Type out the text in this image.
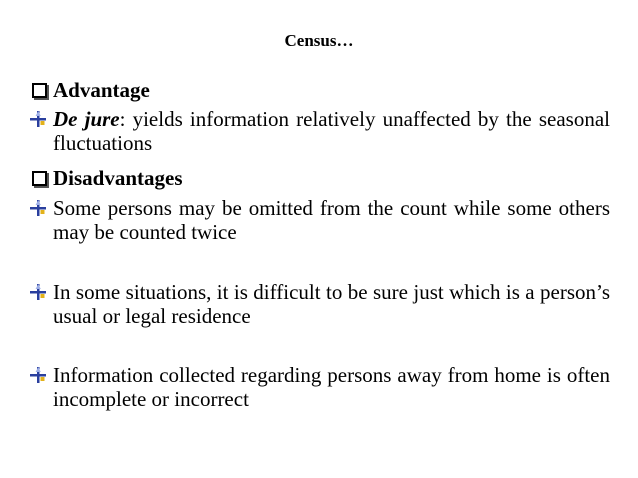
Census…
Advantage
De jure: yields information relatively unaffected by the seasonal fluctuations
Disadvantages
Some persons may be omitted from the count while some others may be counted twice
In some situations, it is difficult to be sure just which is a person’s usual or legal residence
Information collected regarding persons away from home is often incomplete or incorrect
